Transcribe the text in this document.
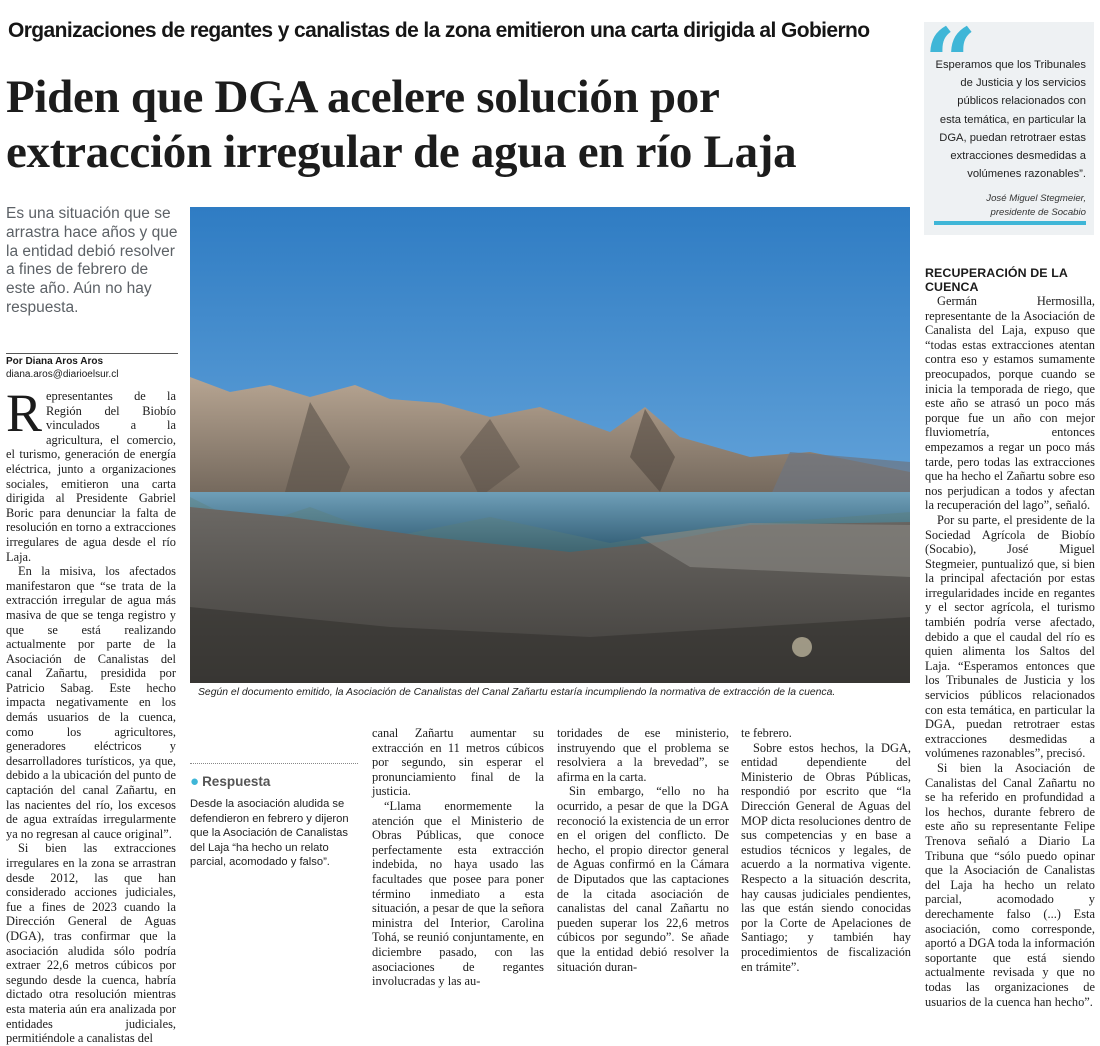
Organizaciones de regantes y canalistas de la zona emitieron una carta dirigida al Gobierno
Piden que DGA acelere solución por
extracción irregular de agua en río Laja
“

Esperamos que los Tribunales de Justicia y los servicios públicos relacionados con esta temática, en particular la DGA, puedan retrotraer estas extracciones desmedidas a volúmenes razonables”.

José Miguel Stegmeier,
presidente de Socabio

Es una situación que se arrastra hace años y que la entidad debió resolver a fines de febrero de este año. Aún no hay respuesta.

Por Diana Aros Aros
diana.aros@diarioelsur.cl
Según el documento emitido, la Asociación de Canalistas del Canal Zañartu estaría incumpliendo la normativa de extracción de la cuenca.

Representantes de la Región del Biobío vinculados a la agricultura, el comercio, el turismo, generación de energía eléctrica, junto a organizaciones sociales, emitieron una carta dirigida al Presidente Gabriel Boric para denunciar la falta de resolución en torno a extracciones irregulares de agua desde el río Laja.

En la misiva, los afectados manifestaron que “se trata de la extracción irregular de agua más masiva de que se tenga registro y que se está realizando actualmente por parte de la Asociación de Canalistas del canal Zañartu, presidida por Patricio Sabag. Este hecho impacta negativamente en los demás usuarios de la cuenca, como los agricultores, generadores eléctricos y desarrolladores turísticos, ya que, debido a la ubicación del punto de captación del canal Zañartu, en las nacientes del río, los excesos de agua extraídas irregularmente ya no regresan al cauce original”.

Si bien las extracciones irregulares en la zona se arrastran desde 2012, las que han considerado acciones judiciales, fue a fines de 2023 cuando la Dirección General de Aguas (DGA), tras confirmar que la asociación aludida sólo podría extraer 22,6 metros cúbicos por segundo desde la cuenca, habría dictado otra resolución mientras esta materia aún era analizada por entidades judiciales, permitiéndole a canalistas del

● Respuesta

Desde la asociación aludida se defendieron en febrero y dijeron que la Asociación de Canalistas del Laja “ha hecho un relato parcial, acomodado y falso”.

canal Zañartu aumentar su extracción en 11 metros cúbicos por segundo, sin esperar el pronunciamiento final de la justicia.

“Llama enormemente la atención que el Ministerio de Obras Públicas, que conoce perfectamente esta extracción indebida, no haya usado las facultades que posee para poner término inmediato a esta situación, a pesar de que la señora ministra del Interior, Carolina Tohá, se reunió conjuntamente, en diciembre pasado, con las asociaciones de regantes involucradas y las au-

toridades de ese ministerio, instruyendo que el problema se resolviera a la brevedad”, se afirma en la carta.

Sin embargo, “ello no ha ocurrido, a pesar de que la DGA reconoció la existencia de un error en el origen del conflicto. De hecho, el propio director general de Aguas confirmó en la Cámara de Diputados que las captaciones de la citada asociación de canalistas del canal Zañartu no pueden superar los 22,6 metros cúbicos por segundo”. Se añade que la entidad debió resolver la situación duran-

te febrero.

Sobre estos hechos, la DGA, entidad dependiente del Ministerio de Obras Públicas, respondió por escrito que “la Dirección General de Aguas del MOP dicta resoluciones dentro de sus competencias y en base a estudios técnicos y legales, de acuerdo a la normativa vigente. Respecto a la situación descrita, hay causas judiciales pendientes, las que están siendo conocidas por la Corte de Apelaciones de Santiago; y también hay procedimientos de fiscalización en trámite”.

RECUPERACIÓN DE LA CUENCA

Germán Hermosilla, representante de la Asociación de Canalista del Laja, expuso que “todas estas extracciones atentan contra eso y estamos sumamente preocupados, porque cuando se inicia la temporada de riego, que este año se atrasó un poco más porque fue un año con mejor fluviometría, entonces empezamos a regar un poco más tarde, pero todas las extracciones que ha hecho el Zañartu sobre eso nos perjudican a todos y afectan la recuperación del lago”, señaló.

Por su parte, el presidente de la Sociedad Agrícola de Biobío (Socabio), José Miguel Stegmeier, puntualizó que, si bien la principal afectación por estas irregularidades incide en regantes y el sector agrícola, el turismo también podría verse afectado, debido a que el caudal del río es quien alimenta los Saltos del Laja. “Esperamos entonces que los Tribunales de Justicia y los servicios públicos relacionados con esta temática, en particular la DGA, puedan retrotraer estas extracciones desmedidas a volúmenes razonables”, precisó.

Si bien la Asociación de Canalistas del Canal Zañartu no se ha referido en profundidad a los hechos, durante febrero de este año su representante Felipe Trenova señaló a Diario La Tribuna que “sólo puedo opinar que la Asociación de Canalistas del Laja ha hecho un relato parcial, acomodado y derechamente falso (...) Esta asociación, como corresponde, aportó a DGA toda la información soportante que está siendo actualmente revisada y que no todas las organizaciones de usuarios de la cuenca han hecho”.
